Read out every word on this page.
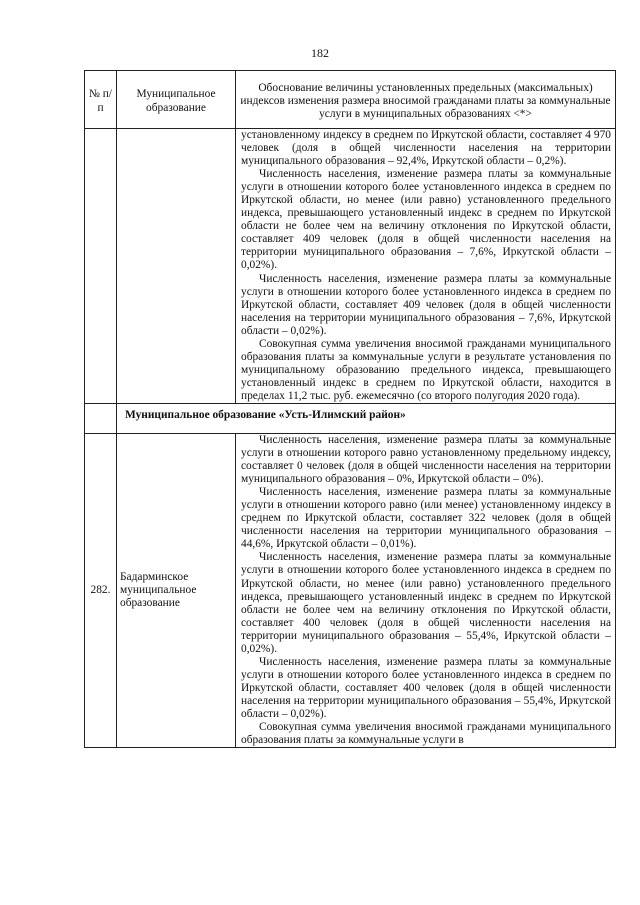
182
№ п/п	Муниципальное образование	Обоснование величины установленных предельных (максимальных) индексов изменения размера вносимой гражданами платы за коммунальные услуги в муниципальных образованиях <*>

		установленному индексу в среднем по Иркутской области, составляет 4 970 человек (доля в общей численности населения на территории муниципального образования – 92,4%, Иркутской области – 0,2%).

Численность населения, изменение размера платы за коммунальные услуги в отношении которого более установленного индекса в среднем по Иркутской области, но менее (или равно) установленного предельного индекса, превышающего установленный индекс в среднем по Иркутской области не более чем на величину отклонения по Иркутской области, составляет 409 человек (доля в общей численности населения на территории муниципального образования – 7,6%, Иркутской области – 0,02%).

Численность населения, изменение размера платы за коммунальные услуги в отношении которого более установленного индекса в среднем по Иркутской области, составляет 409 человек (доля в общей численности населения на территории муниципального образования – 7,6%, Иркутской области – 0,02%).

Совокупная сумма увеличения вносимой гражданами муниципального образования платы за коммунальные услуги в результате установления по муниципальному образованию предельного индекса, превышающего установленный индекс в среднем по Иркутской области, находится в пределах 11,2 тыс. руб. ежемесячно (со второго полугодия 2020 года).

	Муниципальное образование «Усть-Илимский район»	
282.	Бадарминское муниципальное образование	Численность населения, изменение размера платы за коммунальные услуги в отношении которого равно установленному предельному индексу, составляет 0 человек (доля в общей численности населения на территории муниципального образования – 0%, Иркутской области – 0%).

Численность населения, изменение размера платы за коммунальные услуги в отношении которого равно (или менее) установленному индексу в среднем по Иркутской области, составляет 322 человек (доля в общей численности населения на территории муниципального образования – 44,6%, Иркутской области – 0,01%).

Численность населения, изменение размера платы за коммунальные услуги в отношении которого более установленного индекса в среднем по Иркутской области, но менее (или равно) установленного предельного индекса, превышающего установленный индекс в среднем по Иркутской области не более чем на величину отклонения по Иркутской области, составляет 400 человек (доля в общей численности населения на территории муниципального образования – 55,4%, Иркутской области – 0,02%).

Численность населения, изменение размера платы за коммунальные услуги в отношении которого более установленного индекса в среднем по Иркутской области, составляет 400 человек (доля в общей численности населения на территории муниципального образования – 55,4%, Иркутской области – 0,02%).

Совокупная сумма увеличения вносимой гражданами муниципального образования платы за коммунальные услуги в
